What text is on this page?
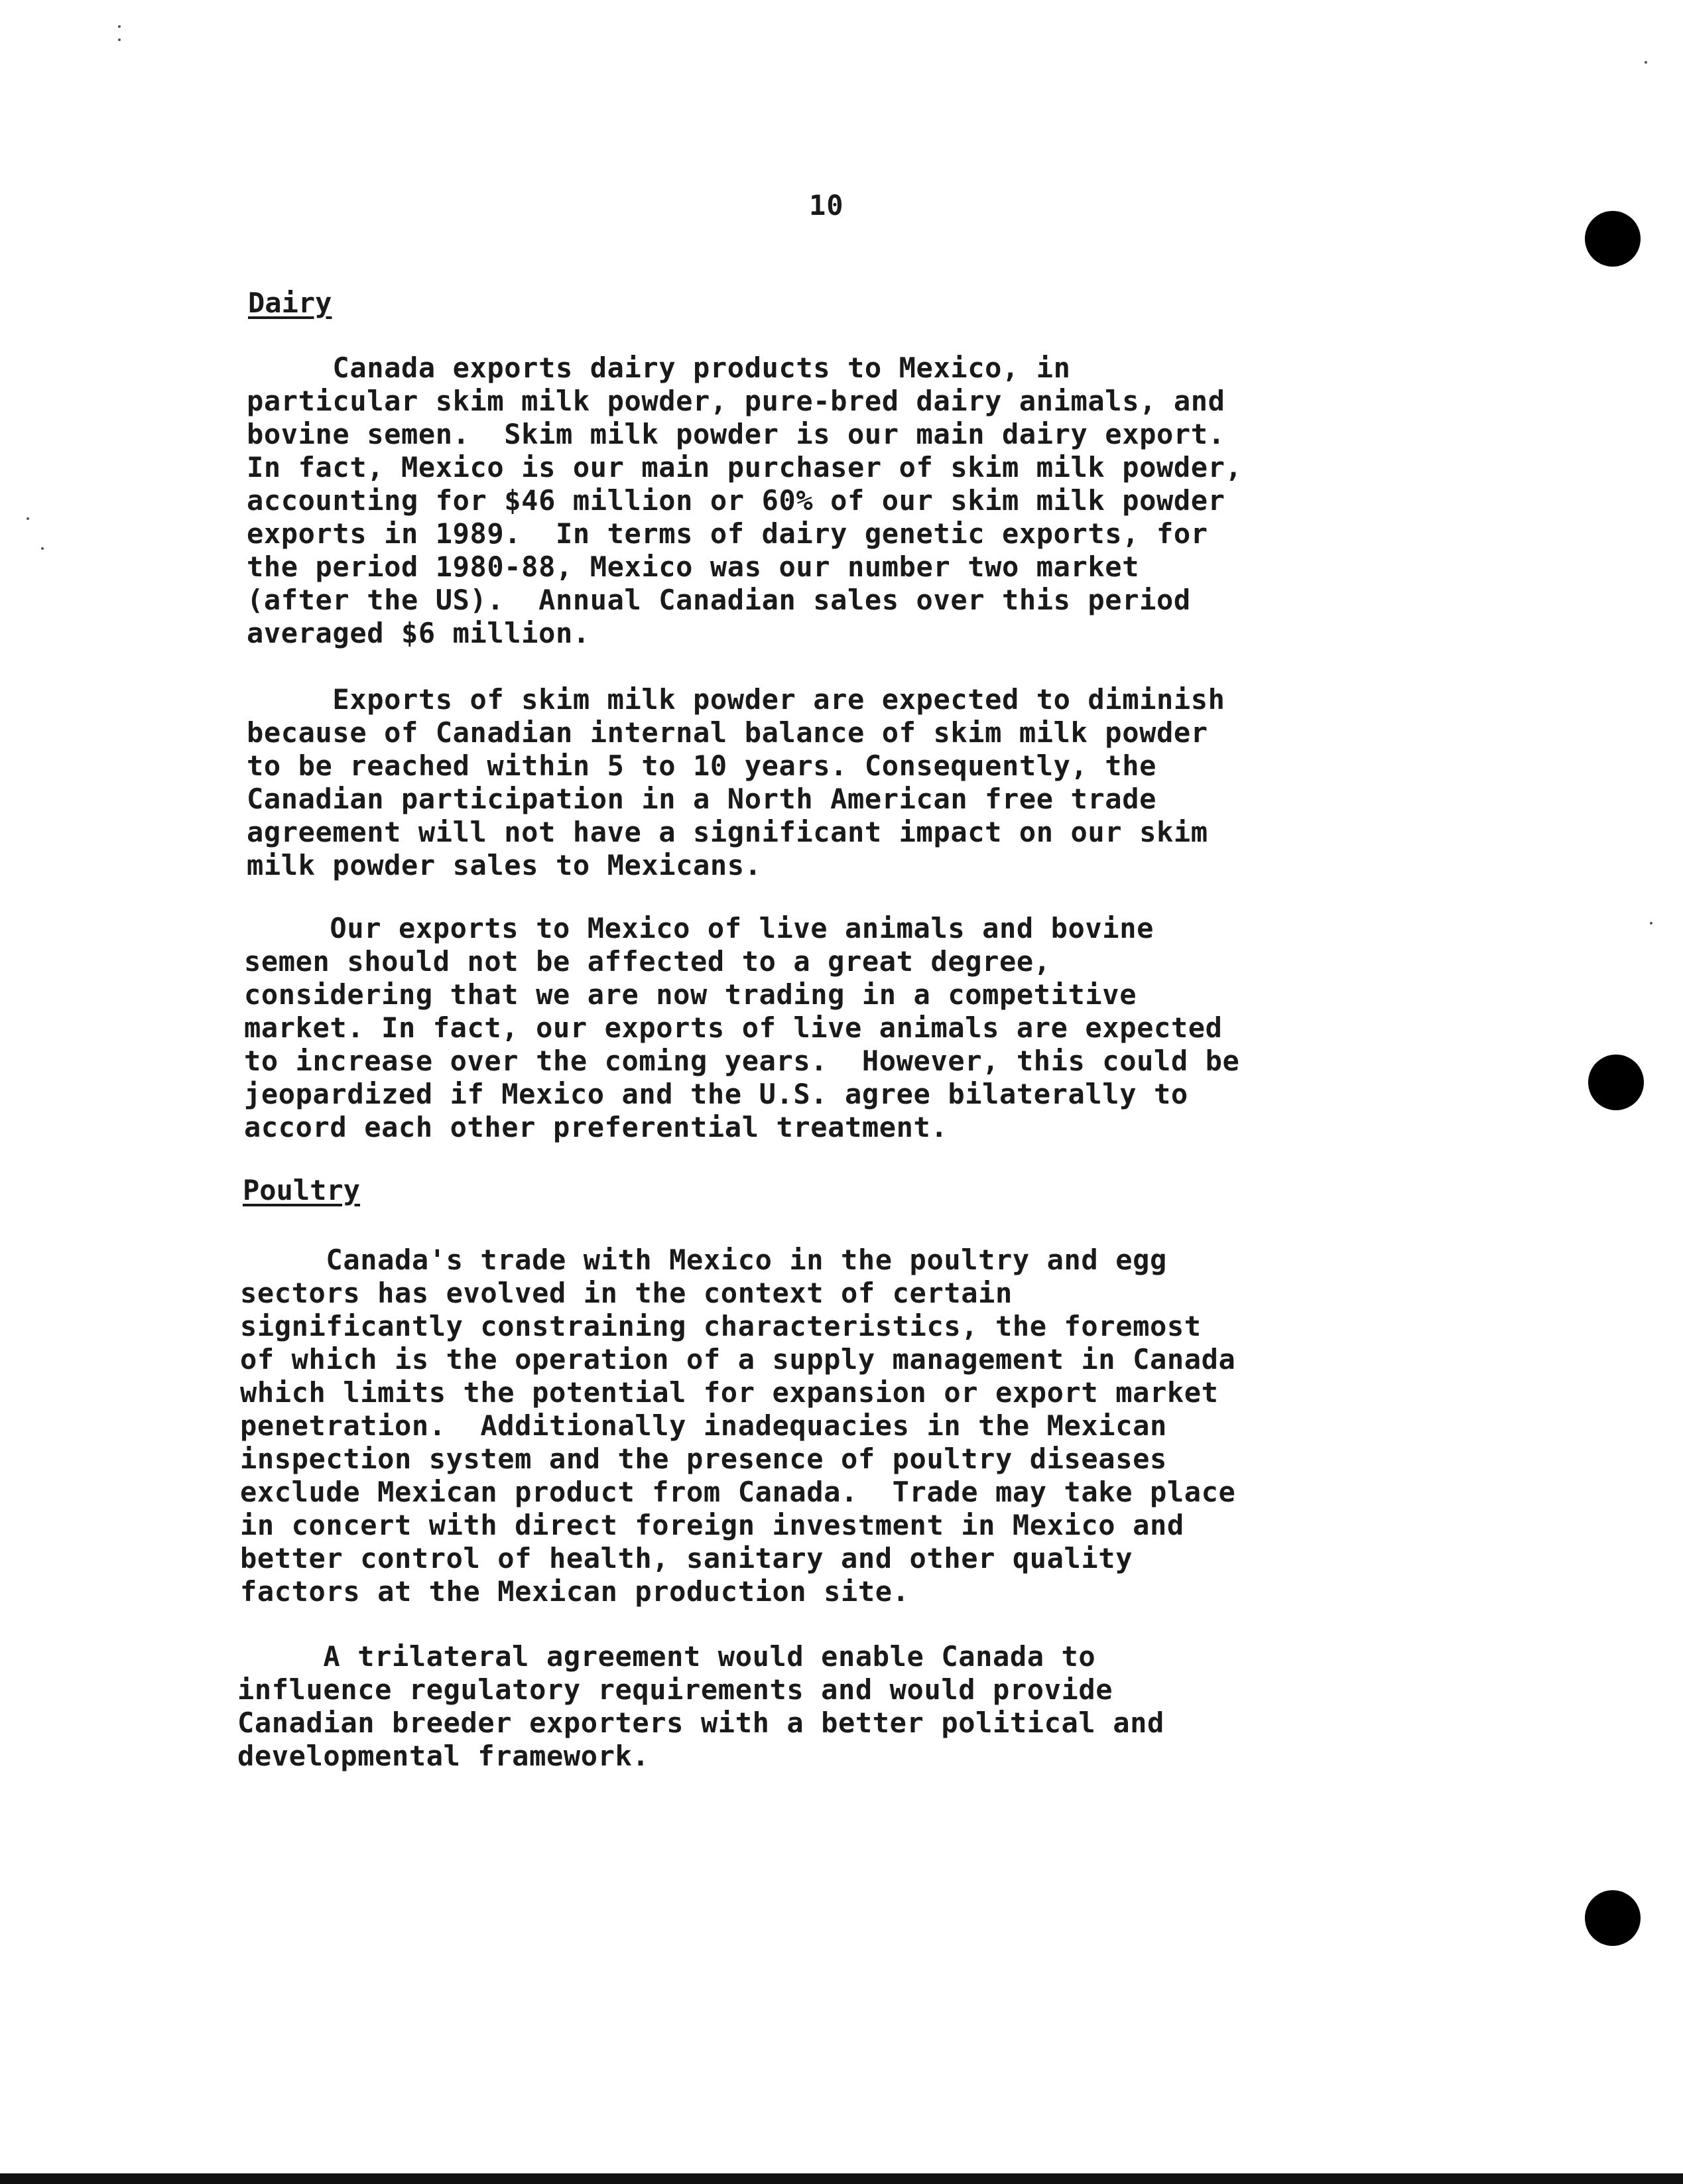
10
Dairy

Canada exports dairy products to Mexico, in
particular skim milk powder, pure-bred dairy animals, and
bovine semen.  Skim milk powder is our main dairy export.
In fact, Mexico is our main purchaser of skim milk powder,
accounting for $46 million or 60% of our skim milk powder
exports in 1989.  In terms of dairy genetic exports, for
the period 1980-88, Mexico was our number two market
(after the US).  Annual Canadian sales over this period
averaged $6 million.

Exports of skim milk powder are expected to diminish
because of Canadian internal balance of skim milk powder
to be reached within 5 to 10 years. Consequently, the
Canadian participation in a North American free trade
agreement will not have a significant impact on our skim
milk powder sales to Mexicans.

Our exports to Mexico of live animals and bovine
semen should not be affected to a great degree,
considering that we are now trading in a competitive
market. In fact, our exports of live animals are expected
to increase over the coming years.  However, this could be
jeopardized if Mexico and the U.S. agree bilaterally to
accord each other preferential treatment.

Poultry

Canada's trade with Mexico in the poultry and egg
sectors has evolved in the context of certain
significantly constraining characteristics, the foremost
of which is the operation of a supply management in Canada
which limits the potential for expansion or export market
penetration.  Additionally inadequacies in the Mexican
inspection system and the presence of poultry diseases
exclude Mexican product from Canada.  Trade may take place
in concert with direct foreign investment in Mexico and
better control of health, sanitary and other quality
factors at the Mexican production site.

A trilateral agreement would enable Canada to
influence regulatory requirements and would provide
Canadian breeder exporters with a better political and
developmental framework.
